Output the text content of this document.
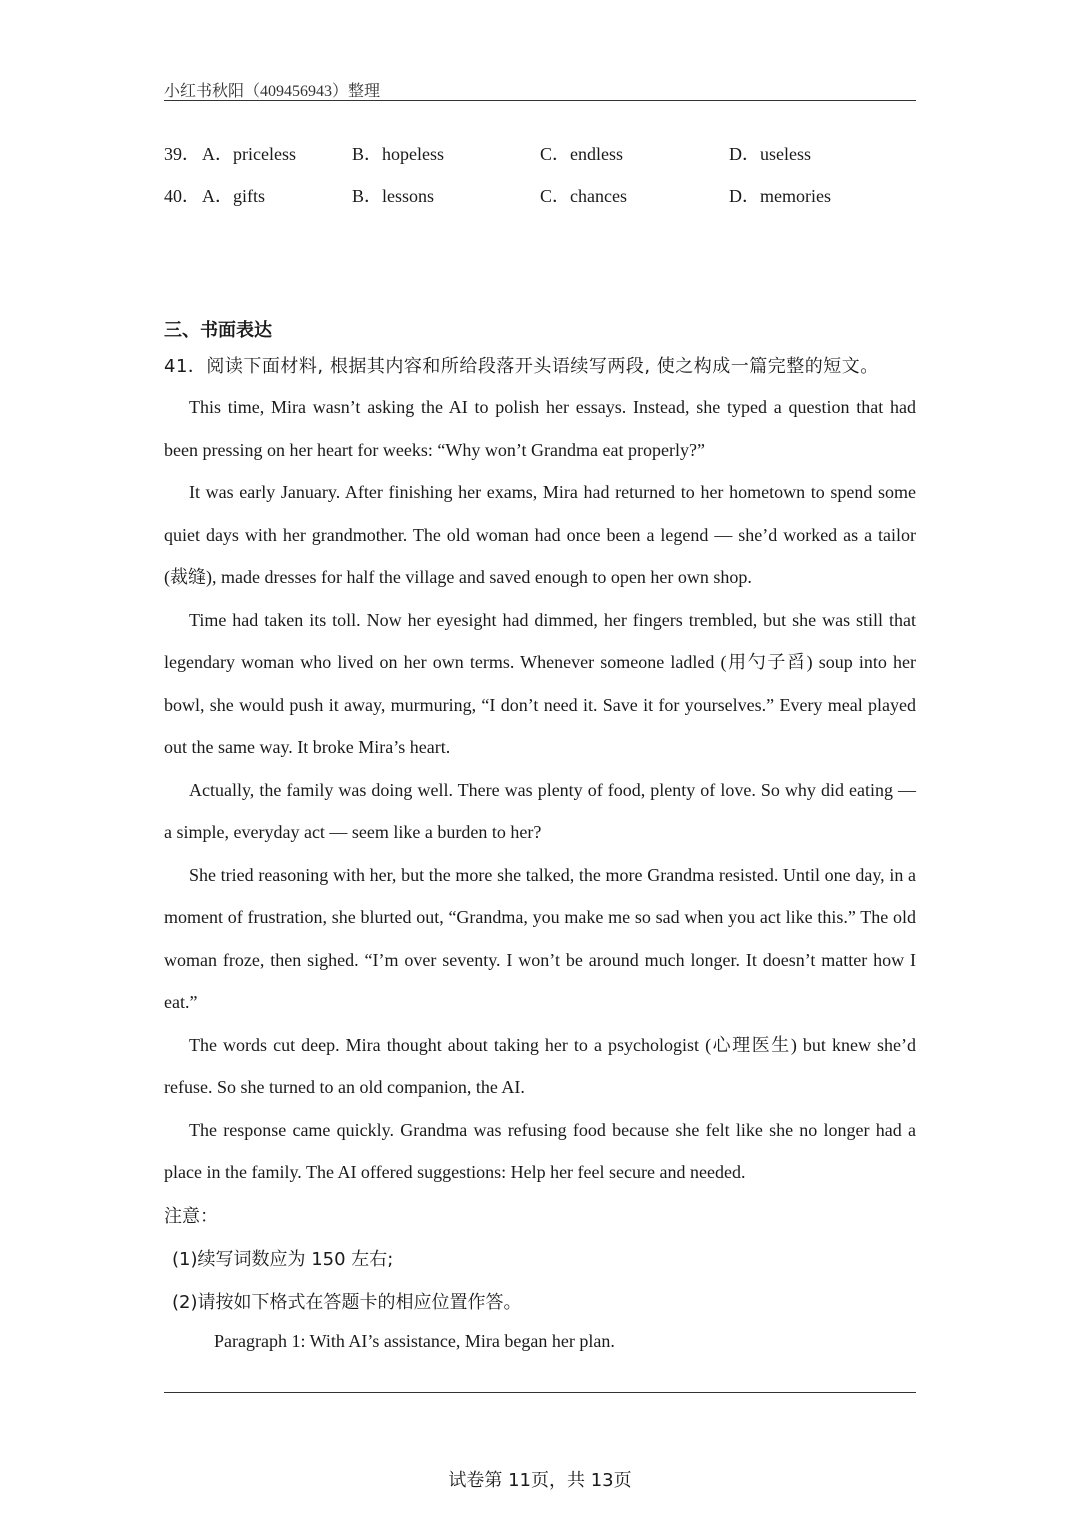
小红书秋阳（409456943）整理
39． A．priceless	B．hopeless	C．endless	D．useless
40． A．gifts	B．lessons	C．chances	D．memories
三、书面表达
41．阅读下面材料, 根据其内容和所给段落开头语续写两段, 使之构成一篇完整的短文。

This time, Mira wasn’t asking the AI to polish her essays. Instead, she typed a question that had been pressing on her heart for weeks: “Why won’t Grandma eat properly?”

It was early January. After finishing her exams, Mira had returned to her hometown to spend some quiet days with her grandmother. The old woman had once been a legend — she’d worked as a tailor (裁缝), made dresses for half the village and saved enough to open her own shop.

Time had taken its toll. Now her eyesight had dimmed, her fingers trembled, but she was still that legendary woman who lived on her own terms. Whenever someone ladled (用勺子舀) soup into her bowl, she would push it away, murmuring, “I don’t need it. Save it for yourselves.” Every meal played out the same way. It broke Mira’s heart.

Actually, the family was doing well. There was plenty of food, plenty of love. So why did eating — a simple, everyday act — seem like a burden to her?

She tried reasoning with her, but the more she talked, the more Grandma resisted. Until one day, in a moment of frustration, she blurted out, “Grandma, you make me so sad when you act like this.” The old woman froze, then sighed. “I’m over seventy. I won’t be around much longer. It doesn’t matter how I eat.”

The words cut deep. Mira thought about taking her to a psychologist (心理医生) but knew she’d refuse. So she turned to an old companion, the AI.

The response came quickly. Grandma was refusing food because she felt like she no longer had a place in the family. The AI offered suggestions: Help her feel secure and needed.

注意：
(1)续写词数应为 150 左右;
(2)请按如下格式在答题卡的相应位置作答。
Paragraph 1: With AI’s assistance, Mira began her plan.
试卷第 11页，共 13页
